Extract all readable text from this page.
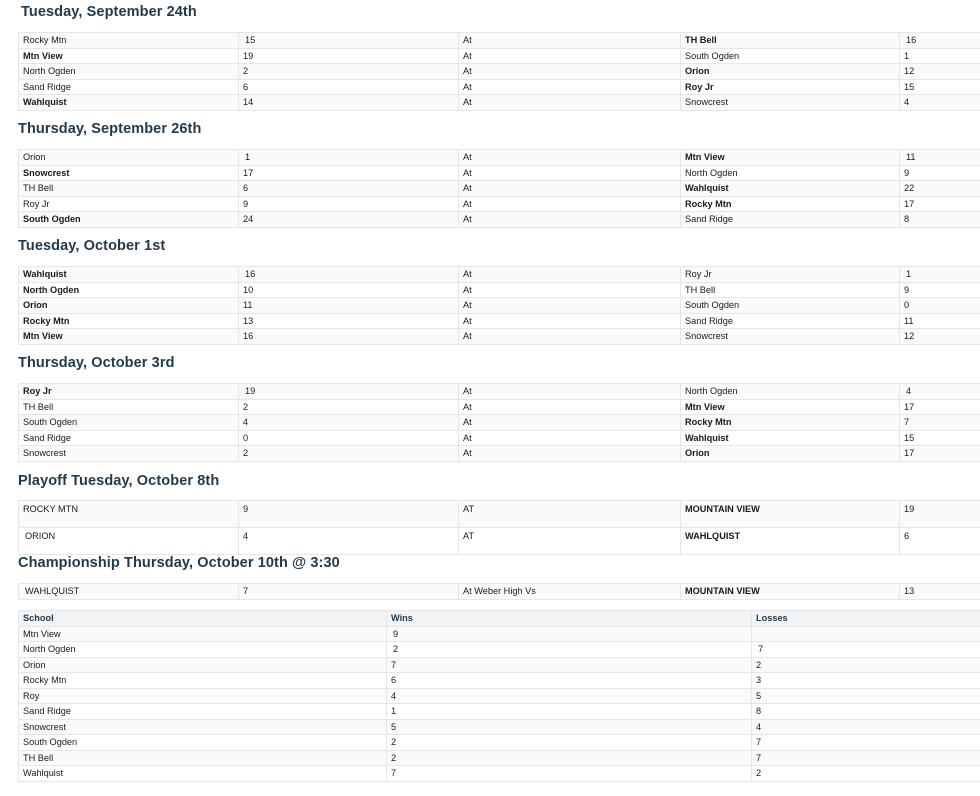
Tuesday, September 24th
Rocky Mtn	15	At	TH Bell	16
Mtn View	19	At	South Ogden	1
North Ogden	2	At	Orion	12
Sand Ridge	6	At	Roy Jr	15
Wahlquist	14	At	Snowcrest	4
Thursday, September 26th
Orion	1	At	Mtn View	11
Snowcrest	17	At	North Ogden	9
TH Bell	6	At	Wahlquist	22
Roy Jr	9	At	Rocky Mtn	17
South Ogden	24	At	Sand Ridge	8
Tuesday, October 1st
Wahlquist	16	At	Roy Jr	1
North Ogden	10	At	TH Bell	9
Orion	11	At	South Ogden	0
Rocky Mtn	13	At	Sand Ridge	11
Mtn View	16	At	Snowcrest	12
Thursday, October 3rd
Roy Jr	19	At	North Ogden	4
TH Bell	2	At	Mtn View	17
South Ogden	4	At	Rocky Mtn	7
Sand Ridge	0	At	Wahlquist	15
Snowcrest	2	At	Orion	17
Playoff Tuesday, October 8th
ROCKY MTN	9	AT	MOUNTAIN VIEW	19
ORION	4	AT	WAHLQUIST	6
Championship Thursday, October 10th @ 3:30
WAHLQUIST	7	At Weber High Vs	MOUNTAIN VIEW	13
School	Wins	Losses
Mtn View	9	
North Ogden	2	7
Orion	7	2
Rocky Mtn	6	3
Roy	4	5
Sand Ridge	1	8
Snowcrest	5	4
South Ogden	2	7
TH Bell	2	7
Wahlquist	7	2
